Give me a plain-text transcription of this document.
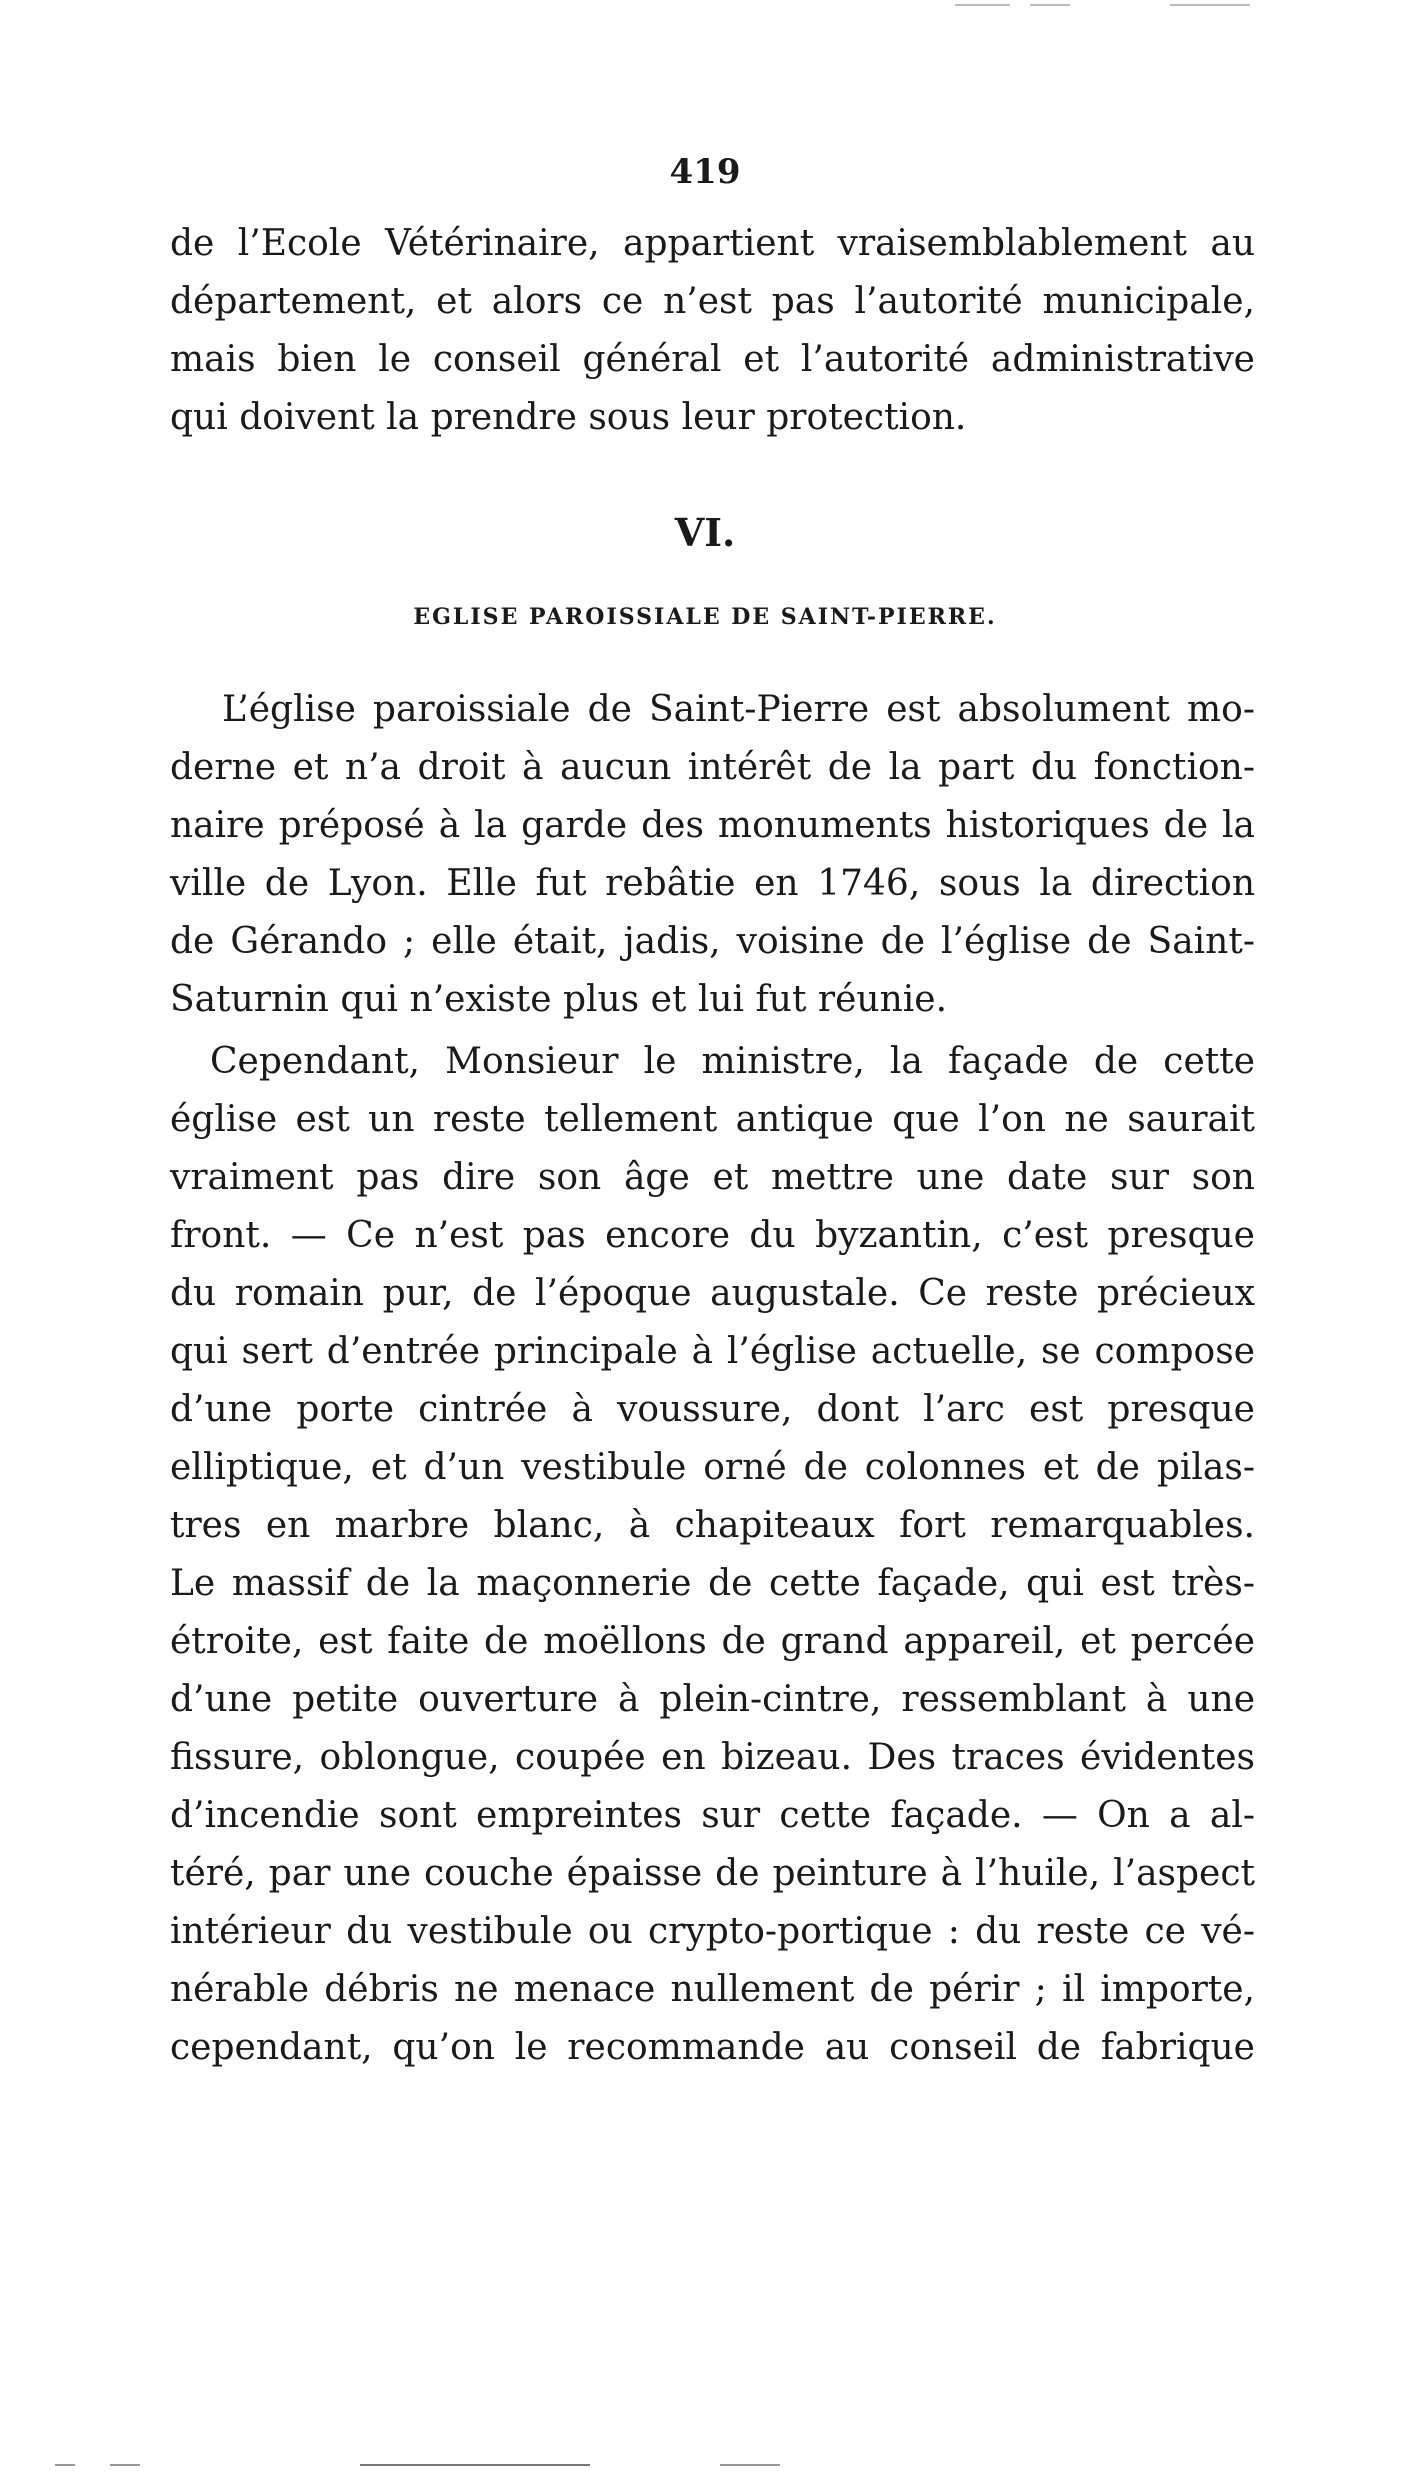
419
de l’Ecole Vétérinaire, appartient vraisemblablement au
département, et alors ce n’est pas l’autorité municipale,
mais bien le conseil général et l’autorité administrative
qui doivent la prendre sous leur protection.
VI.
EGLISE PAROISSIALE DE SAINT-PIERRE.
L’église paroissiale de Saint-Pierre est absolument mo-
derne et n’a droit à aucun intérêt de la part du fonction-
naire préposé à la garde des monuments historiques de la
ville de Lyon. Elle fut rebâtie en 1746, sous la direction
de Gérando ; elle était, jadis, voisine de l’église de Saint-
Saturnin qui n’existe plus et lui fut réunie.
Cependant, Monsieur le ministre, la façade de cette
église est un reste tellement antique que l’on ne saurait
vraiment pas dire son âge et mettre une date sur son
front. — Ce n’est pas encore du byzantin, c’est presque
du romain pur, de l’époque augustale. Ce reste précieux
qui sert d’entrée principale à l’église actuelle, se compose
d’une porte cintrée à voussure, dont l’arc est presque
elliptique, et d’un vestibule orné de colonnes et de pilas-
tres en marbre blanc, à chapiteaux fort remarquables.
Le massif de la maçonnerie de cette façade, qui est très-
étroite, est faite de moëllons de grand appareil, et percée
d’une petite ouverture à plein-cintre, ressemblant à une
fissure, oblongue, coupée en bizeau. Des traces évidentes
d’incendie sont empreintes sur cette façade. — On a al-
téré, par une couche épaisse de peinture à l’huile, l’aspect
intérieur du vestibule ou crypto-portique : du reste ce vé-
nérable débris ne menace nullement de périr ; il importe,
cependant, qu’on le recommande au conseil de fabrique
